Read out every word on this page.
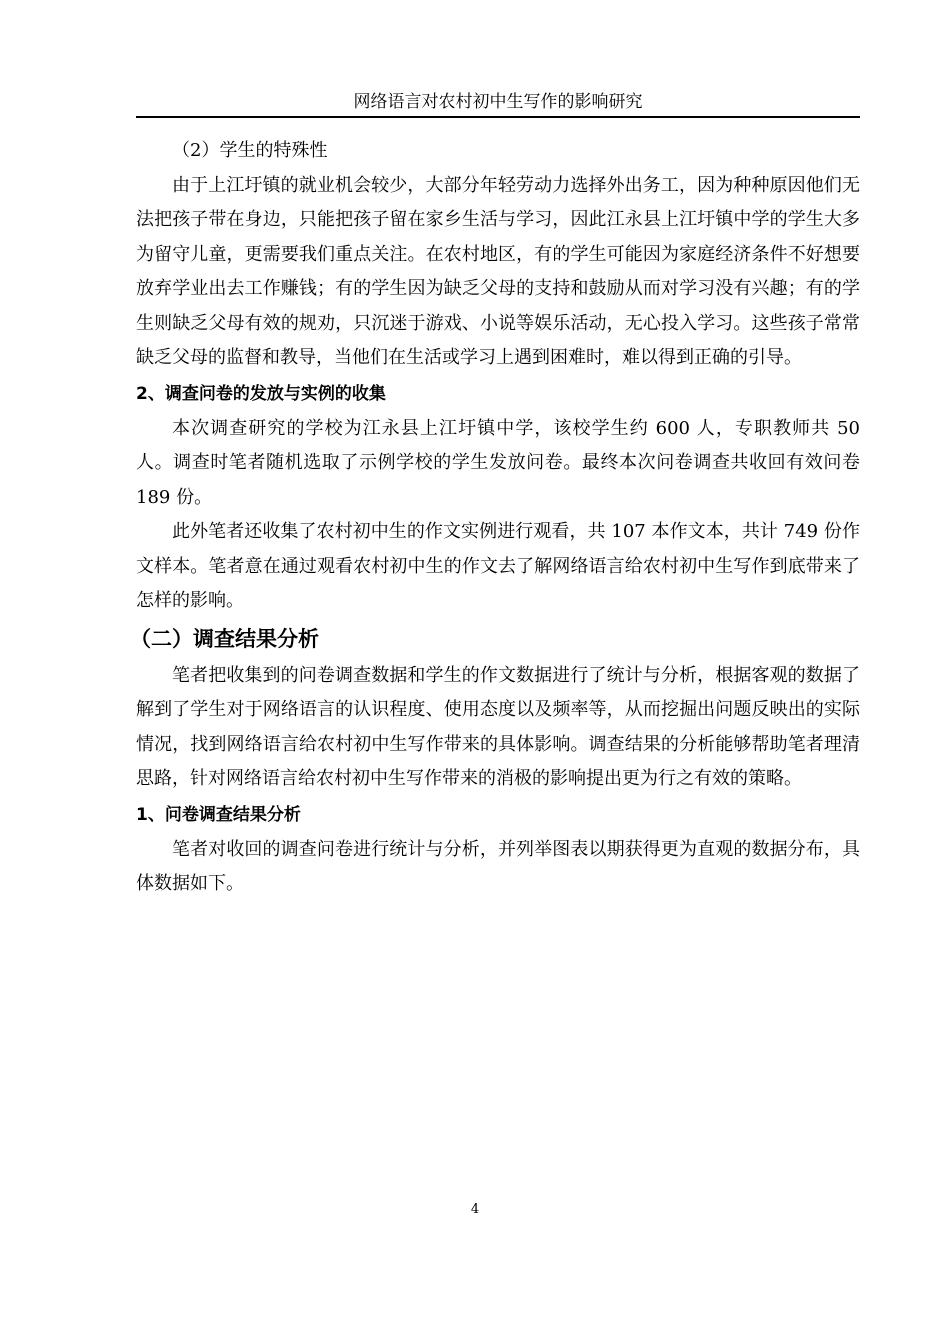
网络语言对农村初中生写作的影响研究

（2）学生的特殊性

由于上江圩镇的就业机会较少，大部分年轻劳动力选择外出务工，因为种种原因他们无法把孩子带在身边，只能把孩子留在家乡生活与学习，因此江永县上江圩镇中学的学生大多为留守儿童，更需要我们重点关注。在农村地区，有的学生可能因为家庭经济条件不好想要放弃学业出去工作赚钱；有的学生因为缺乏父母的支持和鼓励从而对学习没有兴趣；有的学生则缺乏父母有效的规劝，只沉迷于游戏、小说等娱乐活动，无心投入学习。这些孩子常常缺乏父母的监督和教导，当他们在生活或学习上遇到困难时，难以得到正确的引导。

2、调查问卷的发放与实例的收集

本次调查研究的学校为江永县上江圩镇中学，该校学生约 600 人，专职教师共 50 人。调查时笔者随机选取了示例学校的学生发放问卷。最终本次问卷调查共收回有效问卷 189 份。

此外笔者还收集了农村初中生的作文实例进行观看，共 107 本作文本，共计 749 份作文样本。笔者意在通过观看农村初中生的作文去了解网络语言给农村初中生写作到底带来了怎样的影响。

（二）调查结果分析

笔者把收集到的问卷调查数据和学生的作文数据进行了统计与分析，根据客观的数据了解到了学生对于网络语言的认识程度、使用态度以及频率等，从而挖掘出问题反映出的实际情况，找到网络语言给农村初中生写作带来的具体影响。调查结果的分析能够帮助笔者理清思路，针对网络语言给农村初中生写作带来的消极的影响提出更为行之有效的策略。

1、问卷调查结果分析

笔者对收回的调查问卷进行统计与分析，并列举图表以期获得更为直观的数据分布，具体数据如下。

4
